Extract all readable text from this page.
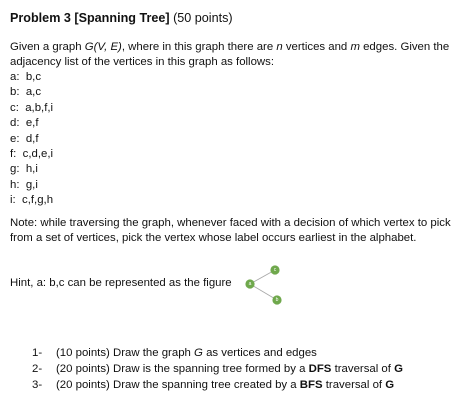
Problem 3 [Spanning Tree] (50 points)
Given a graph G(V, E), where in this graph there are n vertices and m edges. Given the adjacency list of the vertices in this graph as follows:
a:  b,c
b:  a,c
c:  a,b,f,i
d:  e,f
e:  d,f
f:  c,d,e,i
g:  h,i
h:  g,i
i:  c,f,g,h
Note: while traversing the graph, whenever faced with a decision of which vertex to pick from a set of vertices, pick the vertex whose label occurs earliest in the alphabet.
Hint, a: b,c can be represented as the figure	a
c
b
1- (10 points) Draw the graph G as vertices and edges
2- (20 points) Draw is the spanning tree formed by a DFS traversal of G
3- (20 points) Draw the spanning tree created by a BFS traversal of G
